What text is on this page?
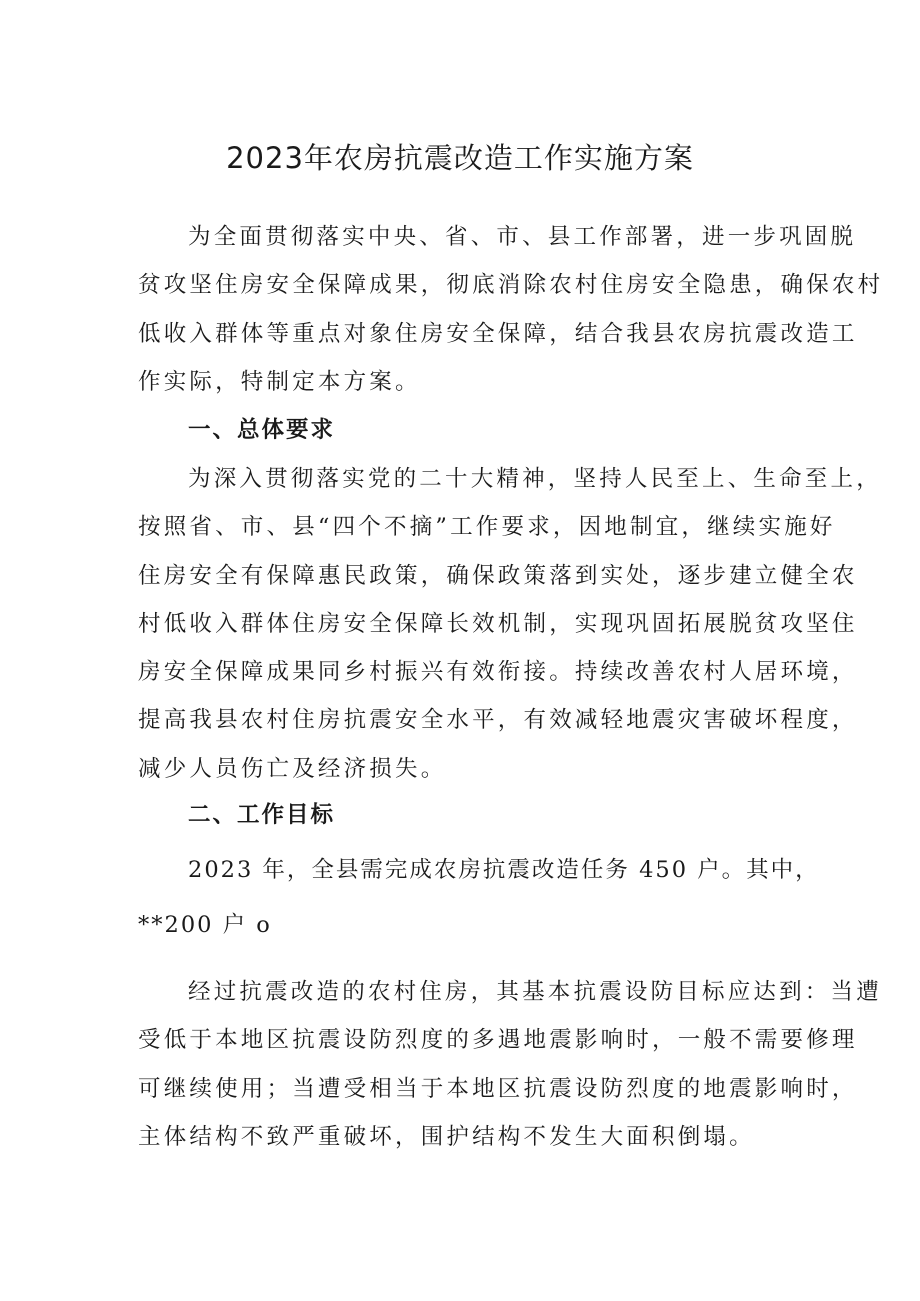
2023年农房抗震改造工作实施方案
为全面贯彻落实中央、省、市、县工作部署，进一步巩固脱
贫攻坚住房安全保障成果，彻底消除农村住房安全隐患，确保农村
低收入群体等重点对象住房安全保障，结合我县农房抗震改造工
作实际，特制定本方案。
一、总体要求
为深入贯彻落实党的二十大精神，坚持人民至上、生命至上，
按照省、市、县“四个不摘”工作要求，因地制宜，继续实施好
住房安全有保障惠民政策，确保政策落到实处，逐步建立健全农
村低收入群体住房安全保障长效机制，实现巩固拓展脱贫攻坚住
房安全保障成果同乡村振兴有效衔接。持续改善农村人居环境，
提高我县农村住房抗震安全水平，有效减轻地震灾害破坏程度，
减少人员伤亡及经济损失。
二、工作目标
2023 年，全县需完成农房抗震改造任务 450 户。其中，
**200 户 o
经过抗震改造的农村住房，其基本抗震设防目标应达到：当遭
受低于本地区抗震设防烈度的多遇地震影响时，一般不需要修理
可继续使用；当遭受相当于本地区抗震设防烈度的地震影响时，
主体结构不致严重破坏，围护结构不发生大面积倒塌。
